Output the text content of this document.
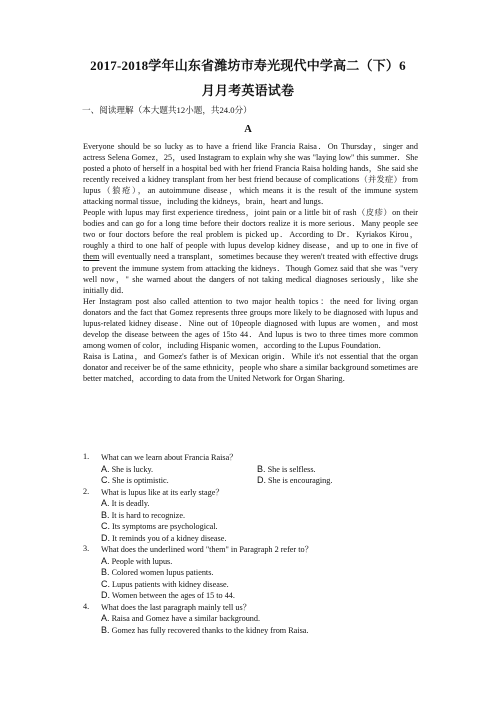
2017-2018学年山东省潍坊市寿光现代中学高二（下）6
月月考英语试卷
一、阅读理解（本大题共12小题，共24.0分）
A

Everyone should be so lucky as to have a friend like Francia Raisa．On Thursday，singer and actress Selena Gomez，25，used Instagram to explain why she was "laying low" this summer．She posted a photo of herself in a hospital bed with her friend Francia Raisa holding hands，She said she recently received a kidney transplant from her best friend because of complications（并发症）from lupus（狼疮），an autoimmune disease，which means it is the result of the immune system attacking normal tissue，including the kidneys，brain，heart and lungs．

People with lupus may first experience tiredness，joint pain or a little bit of rash（皮疹）on their bodies and can go for a long time before their doctors realize it is more serious．Many people see two or four doctors before the real problem is picked up．According to Dr．Kyriakos Kirou，roughly a third to one half of people with lupus develop kidney disease，and up to one in five of them will eventually need a transplant，sometimes because they weren't treated with effective drugs to prevent the immune system from attacking the kidneys．Though Gomez said that she was "very well now，" she warned about the dangers of not taking medical diagnoses seriously，like she initially did．

Her Instagram post also called attention to two major health topics：the need for living organ donators and the fact that Gomez represents three groups more likely to be diagnosed with lupus and lupus-related kidney disease．Nine out of 10people diagnosed with lupus are women，and most develop the disease between the ages of 15to 44．And lupus is two to three times more common among women of color，including Hispanic women，according to the Lupus Foundation．

Raisa is Latina，and Gomez's father is of Mexican origin．While it's not essential that the organ donator and receiver be of the same ethnicity，people who share a similar background sometimes are better matched，according to data from the United Network for Organ Sharing．

1. What can we learn about Francia Raisa？
A. She is lucky.	B. She is selfless.
C. She is optimistic.	D. She is encouraging.
2. What is lupus like at its early stage？
A. It is deadly.
B. It is hard to recognize.
C. Its symptoms are psychological.
D. It reminds you of a kidney disease.
3. What does the underlined word "them" in Paragraph 2 refer to？
A. People with lupus.
B. Colored women lupus patients.
C. Lupus patients with kidney disease.
D. Women between the ages of 15 to 44.
4. What does the last paragraph mainly tell us？
A. Raisa and Gomez have a similar background.
B. Gomez has fully recovered thanks to the kidney from Raisa.
